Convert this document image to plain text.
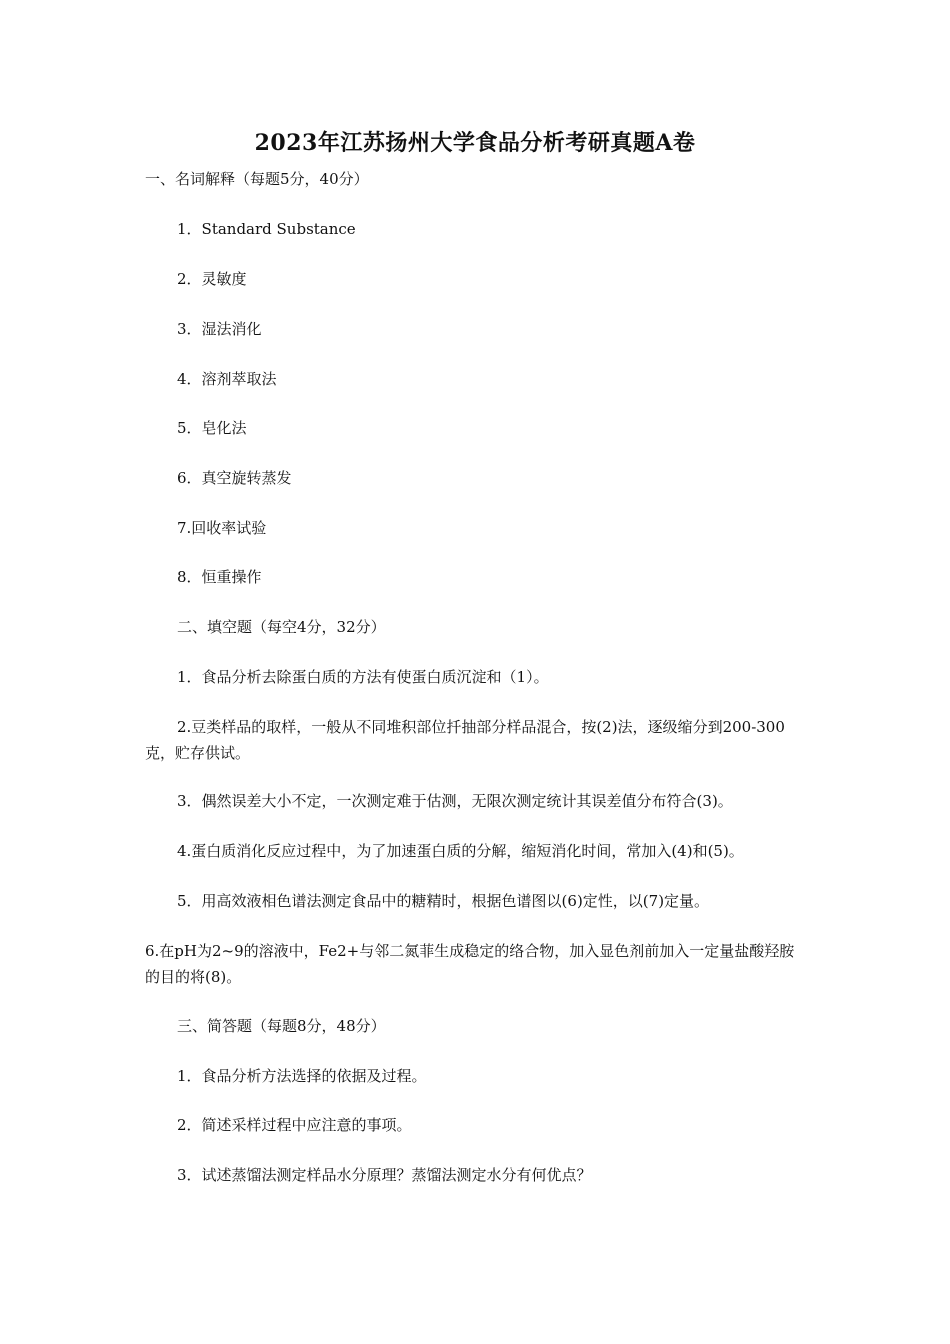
2023年江苏扬州大学食品分析考研真题A卷
一、名词解释（每题5分，40分）
1．Standard Substance
2．灵敏度
3．湿法消化
4．溶剂萃取法
5．皂化法
6．真空旋转蒸发
7.回收率试验
8．恒重操作
二、填空题（每空4分，32分）
1．食品分析去除蛋白质的方法有使蛋白质沉淀和（1）。
2.豆类样品的取样，一般从不同堆积部位扦抽部分样品混合，按(2)法，逐级缩分到200-300克，贮存供试。
3．偶然误差大小不定，一次测定难于估测，无限次测定统计其误差值分布符合(3)。
4.蛋白质消化反应过程中，为了加速蛋白质的分解，缩短消化时间，常加入(4)和(5)。
5．用高效液相色谱法测定食品中的糖精时，根据色谱图以(6)定性，以(7)定量。
6.在pH为2~9的溶液中，Fe2+与邻二氮菲生成稳定的络合物，加入显色剂前加入一定量盐酸羟胺的目的将(8)。
三、简答题（每题8分，48分）
1．食品分析方法选择的依据及过程。
2．简述采样过程中应注意的事项。
3．试述蒸馏法测定样品水分原理？蒸馏法测定水分有何优点？
